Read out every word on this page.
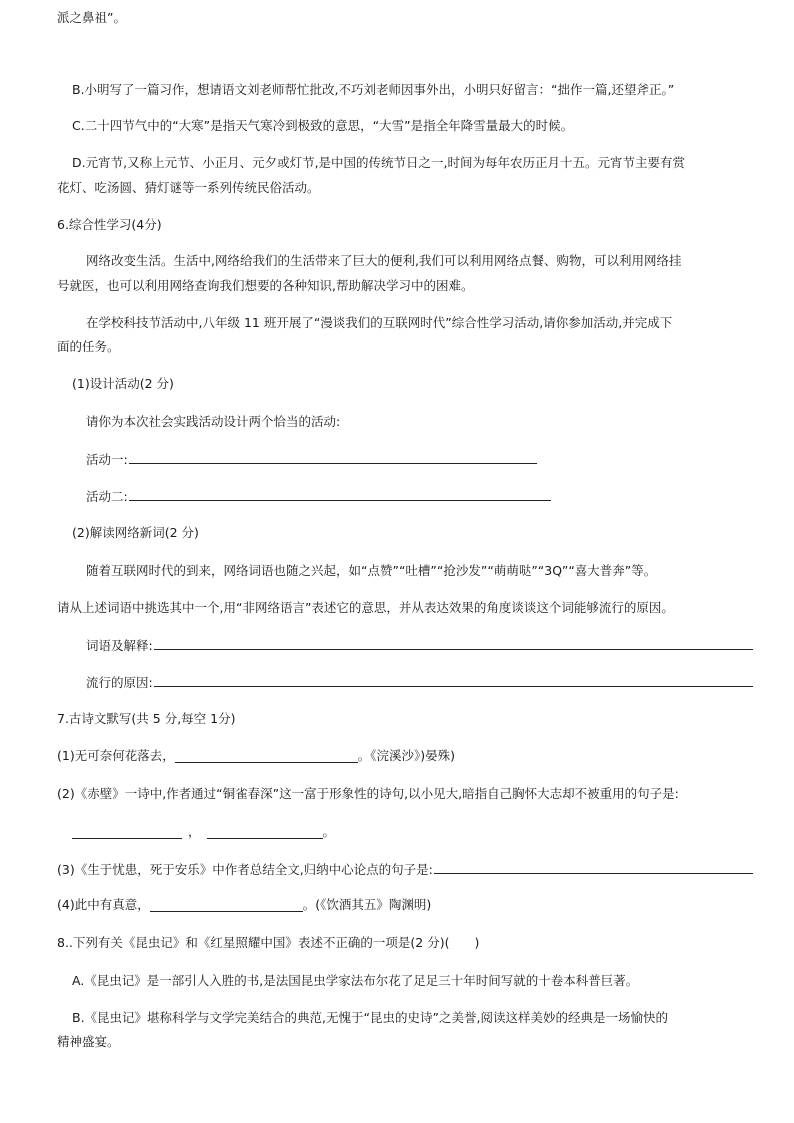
派之鼻祖”。
B.小明写了一篇习作，想请语文刘老师帮忙批改,不巧刘老师因事外出，小明只好留言：“拙作一篇,还望斧正。”
C.二十四节气中的“大寒”是指天气寒冷到极致的意思，“大雪”是指全年降雪量最大的时候。
D.元宵节,又称上元节、小正月、元夕或灯节,是中国的传统节日之一,时间为每年农历正月十五。元宵节主要有赏
花灯、吃汤圆、猜灯谜等一系列传统民俗活动。
6.综合性学习(4分)
网络改变生活。生活中,网络给我们的生活带来了巨大的便利,我们可以利用网络点餐、购物，可以利用网络挂
号就医，也可以利用网络查询我们想要的各种知识,帮助解决学习中的困难。
在学校科技节活动中,八年级 11 班开展了“漫谈我们的互联网时代”综合性学习活动,请你参加活动,并完成下
面的任务。
(1)设计活动(2 分)
请你为本次社会实践活动设计两个恰当的活动:
活动一:
活动二:
(2)解读网络新词(2 分)
随着互联网时代的到来，网络词语也随之兴起，如“点赞”“吐槽”“抢沙发”“萌萌哒”“3Q”“喜大普奔”等。
请从上述词语中挑选其中一个,用“非网络语言”表述它的意思，并从表达效果的角度谈谈这个词能够流行的原因。
词语及解释:
流行的原因:
7.古诗文默写(共 5 分,每空 1分)
(1)无可奈何花落去，	。《浣溪沙》)晏殊)
(2)《赤壁》一诗中,作者通过“铜雀春深”这一富于形象性的诗句,以小见大,暗指自己胸怀大志却不被重用的句子是:
，	。
(3)《生于忧患，死于安乐》中作者总结全文,归纳中心论点的句子是:
(4)此中有真意，	。(《饮酒其五》陶渊明)
8..下列有关《昆虫记》和《红星照耀中国》表述不正确的一项是(2 分)(　　)
A.《昆虫记》是一部引人入胜的书,是法国昆虫学家法布尔花了足足三十年时间写就的十卷本科普巨著。
B.《昆虫记》堪称科学与文学完美结合的典范,无愧于“昆虫的史诗”之美誉,阅读这样美妙的经典是一场愉快的
精神盛宴。
